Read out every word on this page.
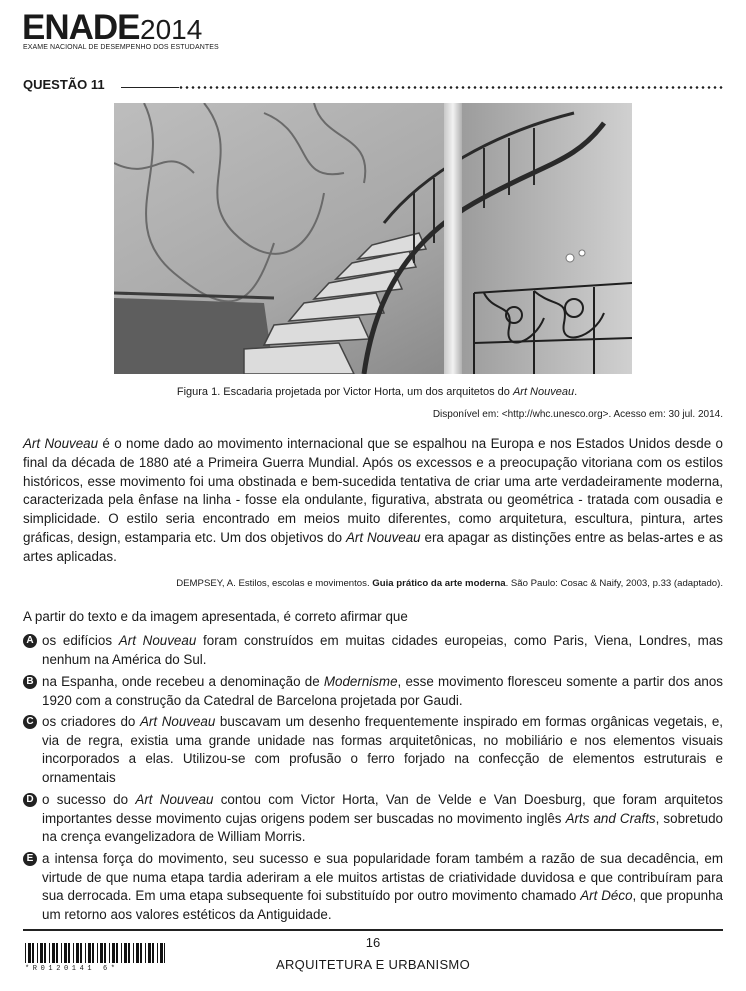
ENADE 2014
EXAME NACIONAL DE DESEMPENHO DOS ESTUDANTES
QUESTÃO 11
Figura 1. Escadaria projetada por Victor Horta, um dos arquitetos do Art Nouveau.
Disponível em: <http://whc.unesco.org>. Acesso em: 30 jul. 2014.
Art Nouveau é o nome dado ao movimento internacional que se espalhou na Europa e nos Estados Unidos desde o final da década de 1880 até a Primeira Guerra Mundial. Após os excessos e a preocupação vitoriana com os estilos históricos, esse movimento foi uma obstinada e bem-sucedida tentativa de criar uma arte verdadeiramente moderna, caracterizada pela ênfase na linha - fosse ela ondulante, figurativa, abstrata ou geométrica - tratada com ousadia e simplicidade. O estilo seria encontrado em meios muito diferentes, como arquitetura, escultura, pintura, artes gráficas, design, estamparia etc. Um dos objetivos do Art Nouveau era apagar as distinções entre as belas-artes e as artes aplicadas.
DEMPSEY, A. Estilos, escolas e movimentos. Guia prático da arte moderna. São Paulo: Cosac & Naify, 2003, p.33 (adaptado).
A partir do texto e da imagem apresentada, é correto afirmar que
A os edifícios Art Nouveau foram construídos em muitas cidades europeias, como Paris, Viena, Londres, mas nenhum na América do Sul.
B na Espanha, onde recebeu a denominação de Modernisme, esse movimento floresceu somente a partir dos anos 1920 com a construção da Catedral de Barcelona projetada por Gaudi.
C os criadores do Art Nouveau buscavam um desenho frequentemente inspirado em formas orgânicas vegetais, e, via de regra, existia uma grande unidade nas formas arquitetônicas, no mobiliário e nos elementos visuais incorporados a elas. Utilizou-se com profusão o ferro forjado na confecção de elementos estruturais e ornamentais
D o sucesso do Art Nouveau contou com Victor Horta, Van de Velde e Van Doesburg, que foram arquitetos importantes desse movimento cujas origens podem ser buscadas no movimento inglês Arts and Crafts, sobretudo na crença evangelizadora de William Morris.
E a intensa força do movimento, seu sucesso e sua popularidade foram também a razão de sua decadência, em virtude de que numa etapa tardia aderiram a ele muitos artistas de criatividade duvidosa e que contribuíram para sua derrocada. Em uma etapa subsequente foi substituído por outro movimento chamado Art Déco, que propunha um retorno aos valores estéticos da Antiguidade.
16
ARQUITETURA E URBANISMO
*R0120141 6*
